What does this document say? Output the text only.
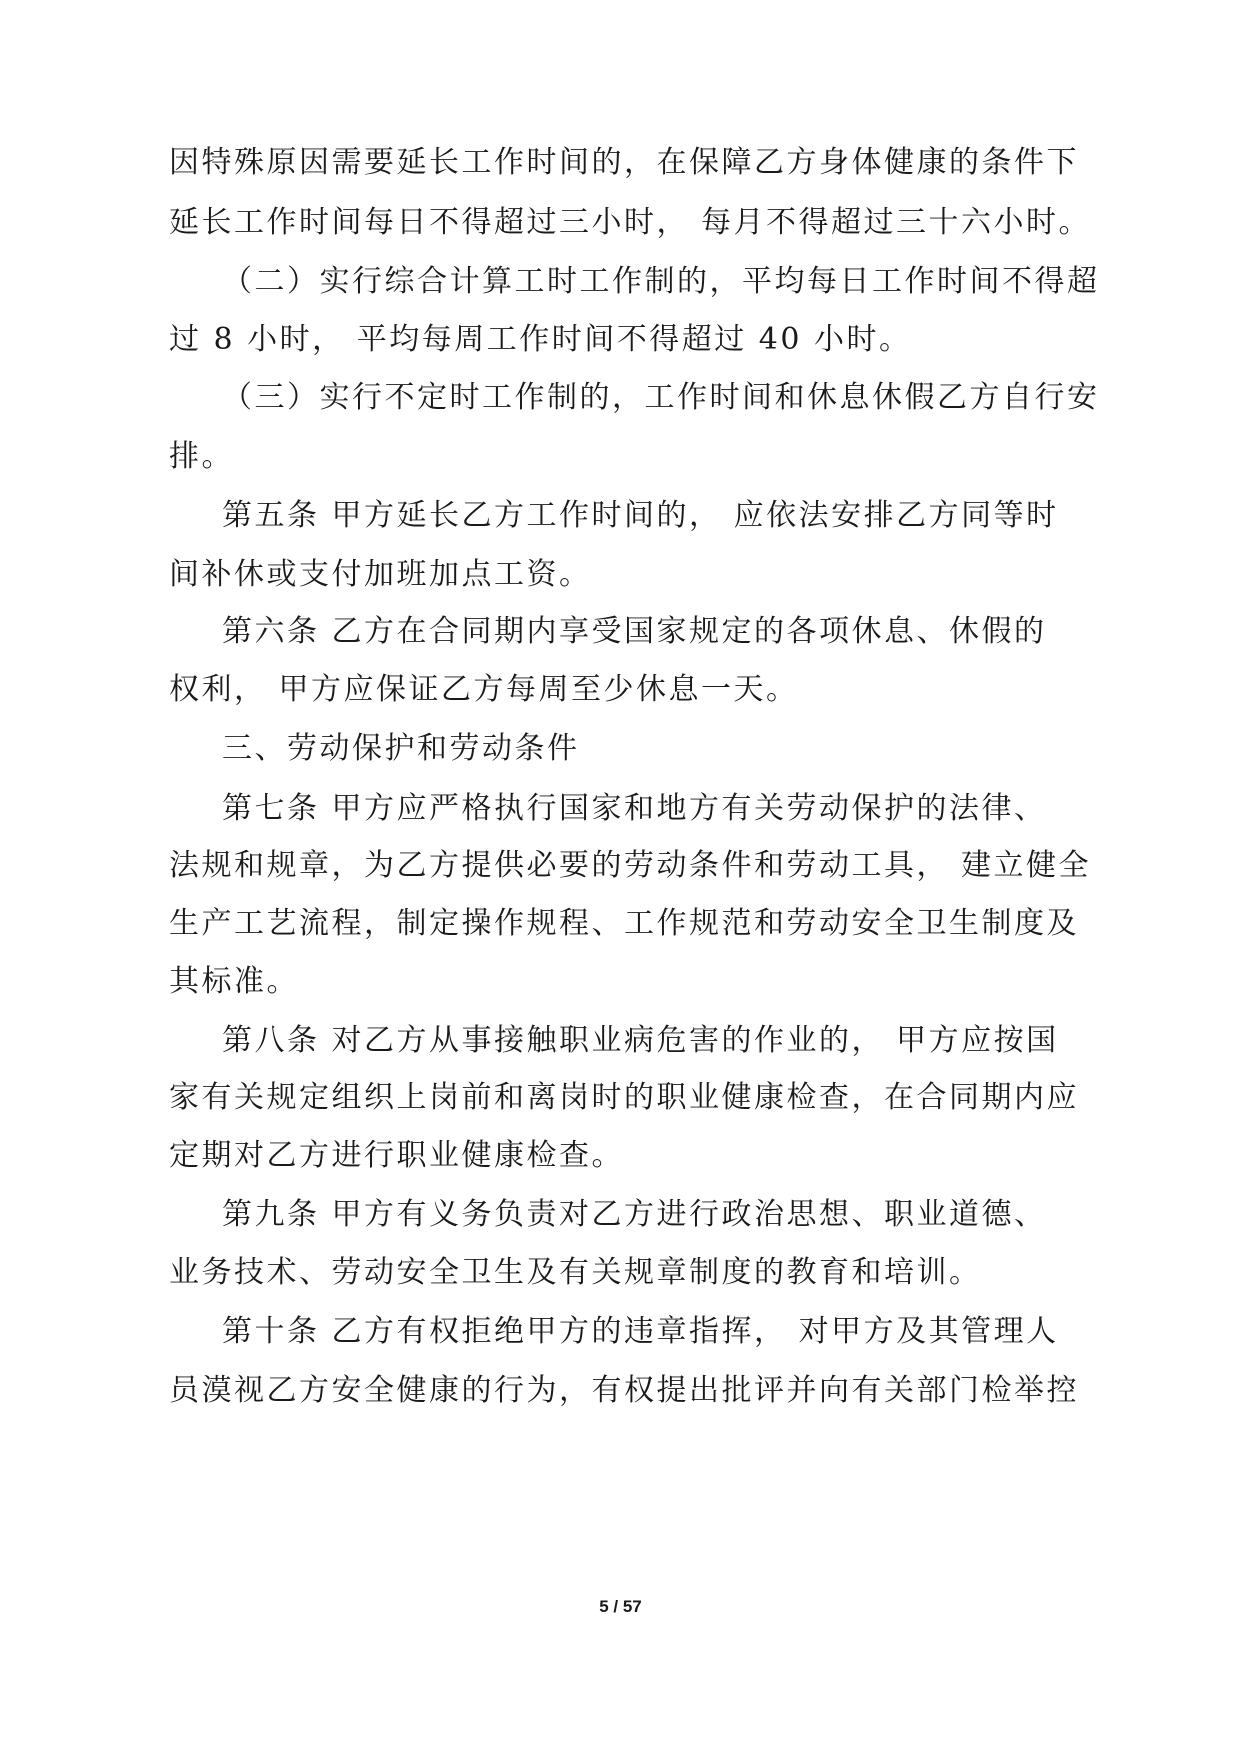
因特殊原因需要延长工作时间的，在保障乙方身体健康的条件下
延长工作时间每日不得超过三小时， 每月不得超过三十六小时。
（二）实行综合计算工时工作制的，平均每日工作时间不得超
过 8 小时， 平均每周工作时间不得超过 40 小时。
（三）实行不定时工作制的，工作时间和休息休假乙方自行安
排。
第五条 甲方延长乙方工作时间的， 应依法安排乙方同等时
间补休或支付加班加点工资。
第六条 乙方在合同期内享受国家规定的各项休息、休假的
权利， 甲方应保证乙方每周至少休息一天。
三、劳动保护和劳动条件
第七条 甲方应严格执行国家和地方有关劳动保护的法律、
法规和规章，为乙方提供必要的劳动条件和劳动工具， 建立健全
生产工艺流程，制定操作规程、工作规范和劳动安全卫生制度及
其标准。
第八条 对乙方从事接触职业病危害的作业的， 甲方应按国
家有关规定组织上岗前和离岗时的职业健康检查，在合同期内应
定期对乙方进行职业健康检查。
第九条 甲方有义务负责对乙方进行政治思想、职业道德、
业务技术、劳动安全卫生及有关规章制度的教育和培训。
第十条 乙方有权拒绝甲方的违章指挥， 对甲方及其管理人
员漠视乙方安全健康的行为，有权提出批评并向有关部门检举控
5 / 57
